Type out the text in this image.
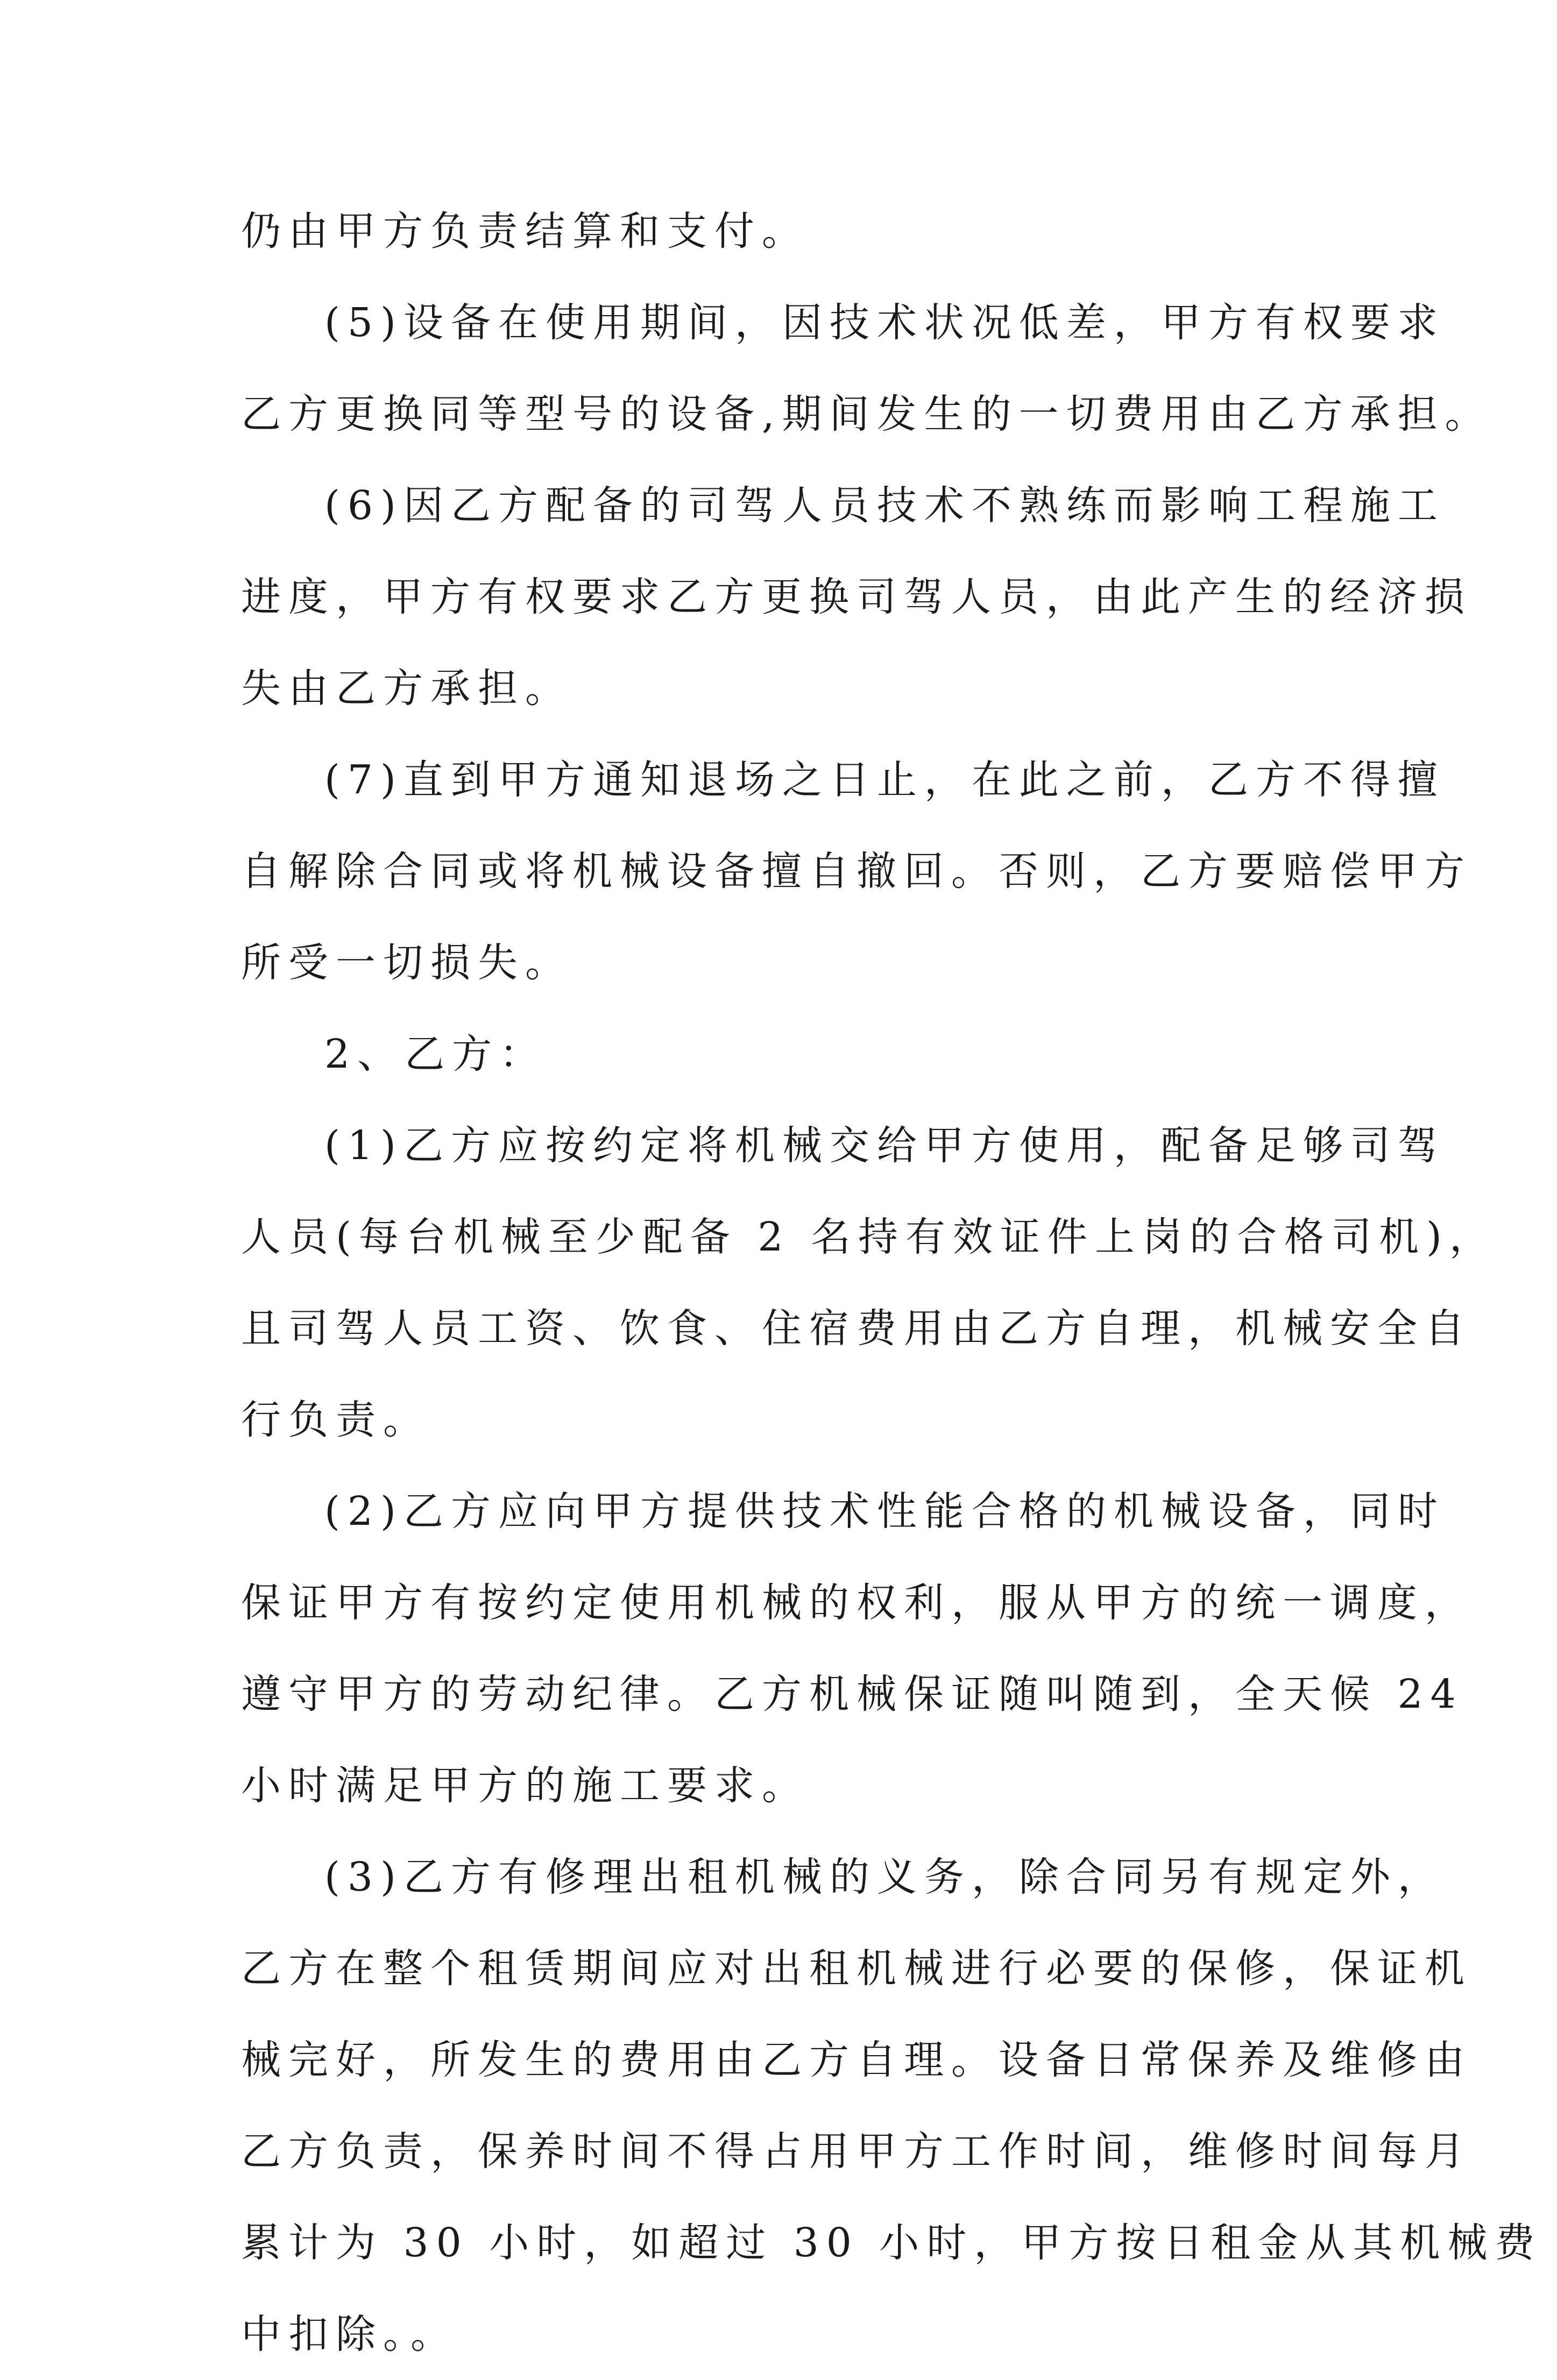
仍由甲方负责结算和支付。
(5)设备在使用期间，因技术状况低差，甲方有权要求
乙方更换同等型号的设备,期间发生的一切费用由乙方承担。
(6)因乙方配备的司驾人员技术不熟练而影响工程施工
进度，甲方有权要求乙方更换司驾人员，由此产生的经济损
失由乙方承担。
(7)直到甲方通知退场之日止，在此之前，乙方不得擅
自解除合同或将机械设备擅自撤回。否则，乙方要赔偿甲方
所受一切损失。
2、乙方：
(1)乙方应按约定将机械交给甲方使用，配备足够司驾
人员(每台机械至少配备 2 名持有效证件上岗的合格司机)，
且司驾人员工资、饮食、住宿费用由乙方自理，机械安全自
行负责。
(2)乙方应向甲方提供技术性能合格的机械设备，同时
保证甲方有按约定使用机械的权利，服从甲方的统一调度，
遵守甲方的劳动纪律。乙方机械保证随叫随到，全天候 24
小时满足甲方的施工要求。
(3)乙方有修理出租机械的义务，除合同另有规定外，
乙方在整个租赁期间应对出租机械进行必要的保修，保证机
械完好，所发生的费用由乙方自理。设备日常保养及维修由
乙方负责，保养时间不得占用甲方工作时间，维修时间每月
累计为 30 小时，如超过 30 小时，甲方按日租金从其机械费
中扣除。。
